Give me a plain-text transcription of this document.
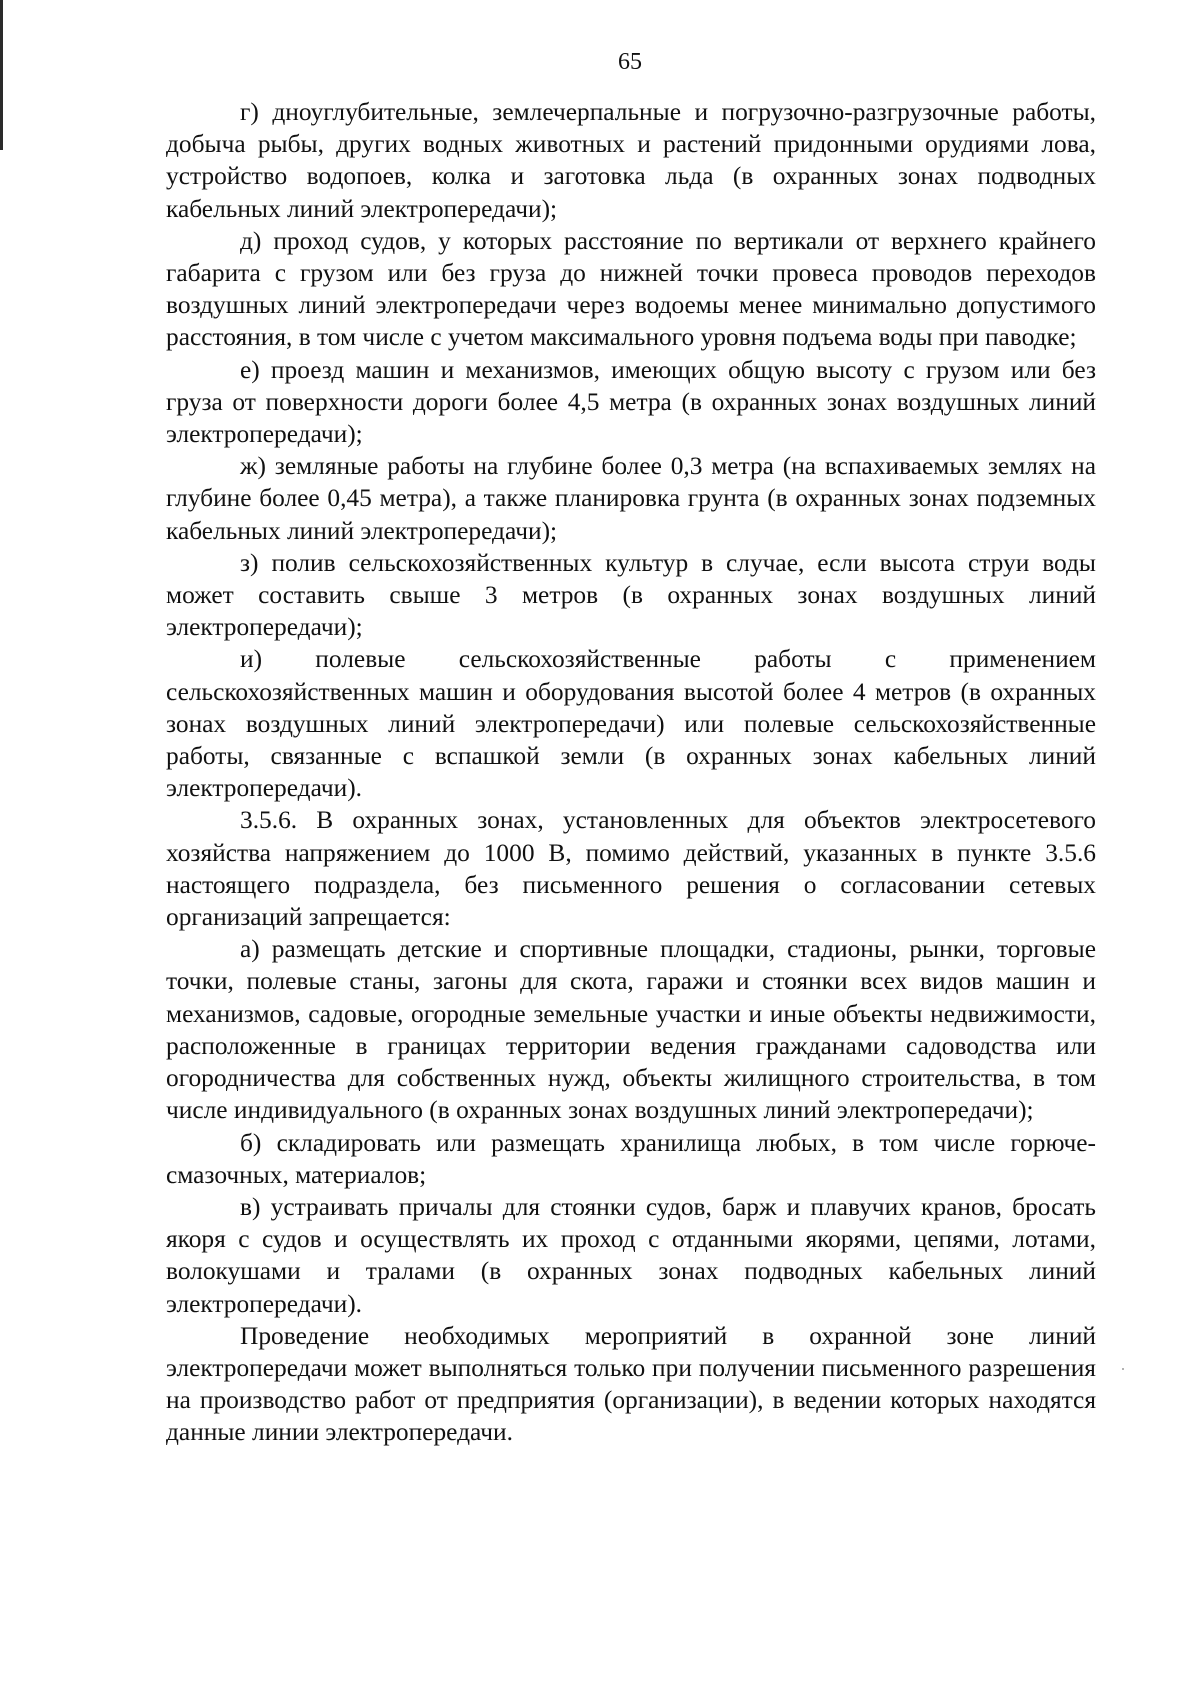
65

г) дноуглубительные, землечерпальные и погрузочно-разгрузочные работы, добыча рыбы, других водных животных и растений придонными орудиями лова, устройство водопоев, колка и заготовка льда (в охранных зонах подводных кабельных линий электропередачи);

д) проход судов, у которых расстояние по вертикали от верхнего крайнего габарита с грузом или без груза до нижней точки провеса проводов переходов воздушных линий электропередачи через водоемы менее минимально допустимого расстояния, в том числе с учетом максимального уровня подъема воды при паводке;

е) проезд машин и механизмов, имеющих общую высоту с грузом или без груза от поверхности дороги более 4,5 метра (в охранных зонах воздушных линий электропередачи);

ж) земляные работы на глубине более 0,3 метра (на вспахиваемых землях на глубине более 0,45 метра), а также планировка грунта (в охранных зонах подземных кабельных линий электропередачи);

з) полив сельскохозяйственных культур в случае, если высота струи воды может составить свыше 3 метров (в охранных зонах воздушных линий электропередачи);

и) полевые сельскохозяйственные работы с применением сельскохозяйственных машин и оборудования высотой более 4 метров (в охранных зонах воздушных линий электропередачи) или полевые сельскохозяйственные работы, связанные с вспашкой земли (в охранных зонах кабельных линий электропередачи).

3.5.6. В охранных зонах, установленных для объектов электросетевого хозяйства напряжением до 1000 В, помимо действий, указанных в пункте 3.5.6 настоящего подраздела, без письменного решения о согласовании сетевых организаций запрещается:

а) размещать детские и спортивные площадки, стадионы, рынки, торговые точки, полевые станы, загоны для скота, гаражи и стоянки всех видов машин и механизмов, садовые, огородные земельные участки и иные объекты недвижимости, расположенные в границах территории ведения гражданами садоводства или огородничества для собственных нужд, объекты жилищного строительства, в том числе индивидуального (в охранных зонах воздушных линий электропередачи);

б) складировать или размещать хранилища любых, в том числе горюче-смазочных, материалов;

в) устраивать причалы для стоянки судов, барж и плавучих кранов, бросать якоря с судов и осуществлять их проход с отданными якорями, цепями, лотами, волокушами и тралами (в охранных зонах подводных кабельных линий электропередачи).

Проведение необходимых мероприятий в охранной зоне линий электропередачи может выполняться только при получении письменного разрешения на производство работ от предприятия (организации), в ведении которых находятся данные линии электропередачи.
